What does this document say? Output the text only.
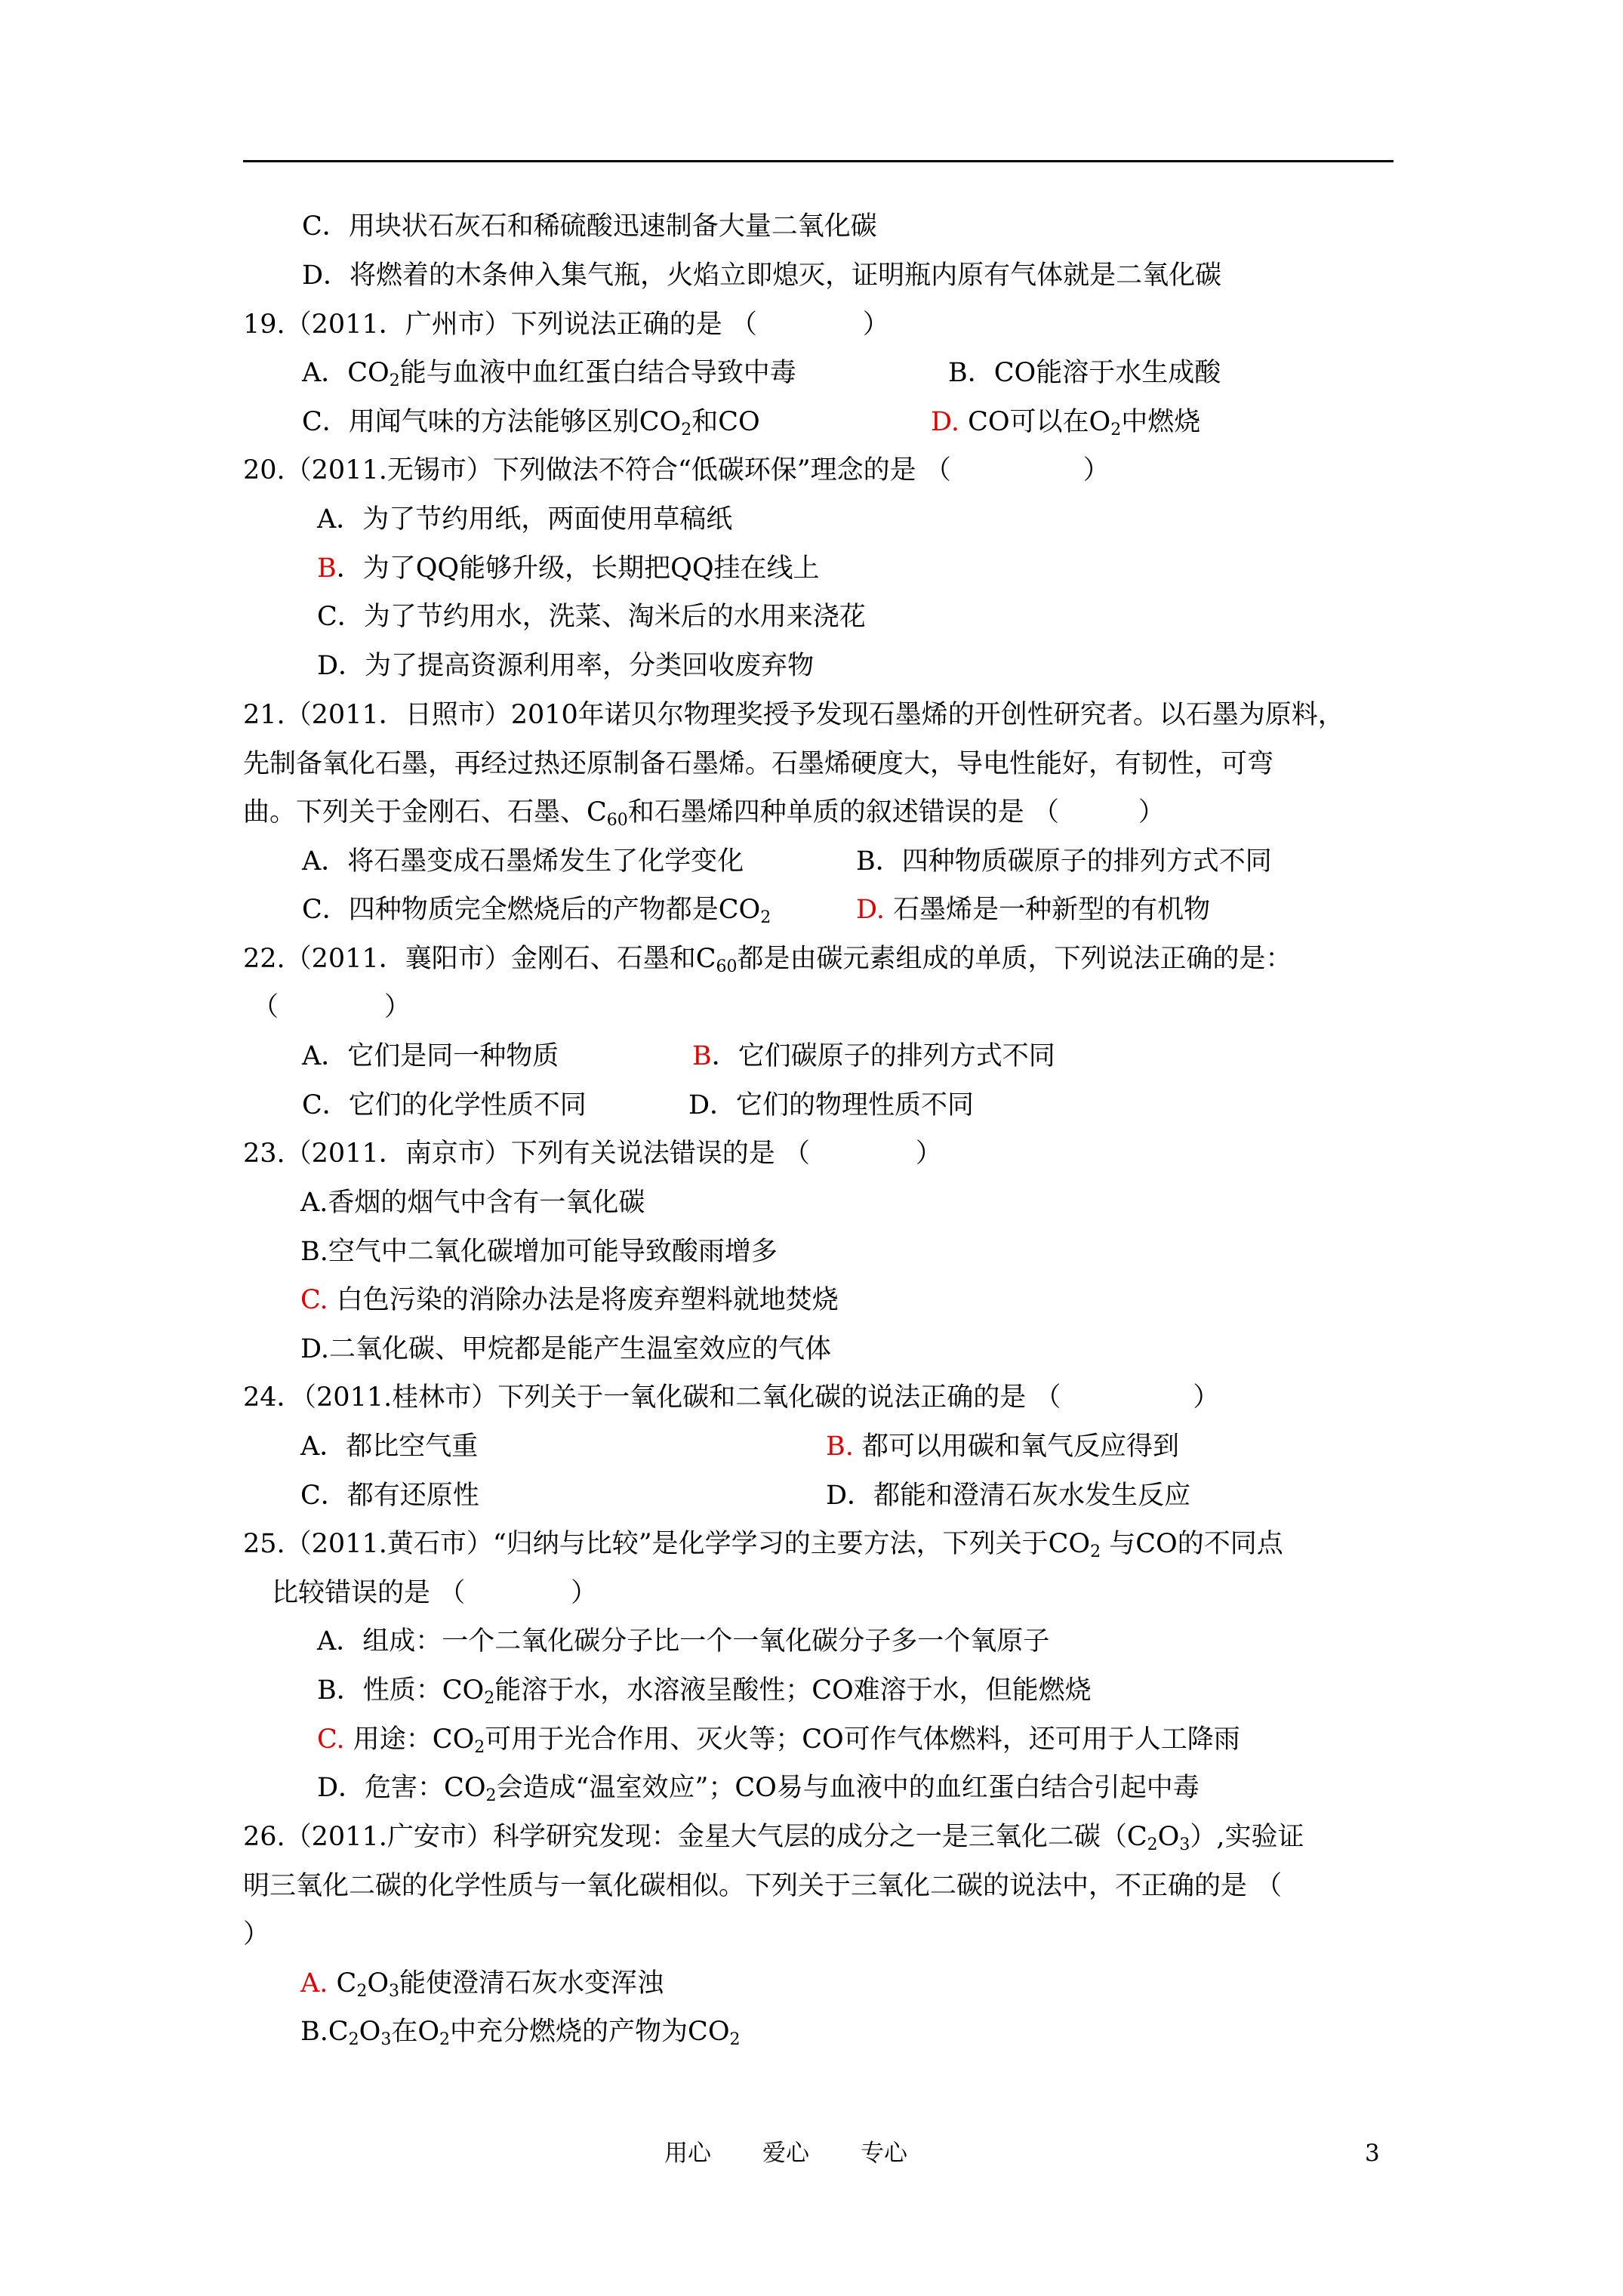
C．用块状石灰石和稀硫酸迅速制备大量二氧化碳
D．将燃着的木条伸入集气瓶，火焰立即熄灭，证明瓶内原有气体就是二氧化碳
19.（2011．广州市）下列说法正确的是 （　　　　）
A．$CO_2$能与血液中血红蛋白结合导致中毒	B．CO能溶于水生成酸
C．用闻气味的方法能够区别$CO_2$和CO	D. CO可以在$O_2$中燃烧
20.（2011.无锡市）下列做法不符合“低碳环保”理念的是 （　　　　　）
A．为了节约用纸，两面使用草稿纸
B．为了QQ能够升级，长期把QQ挂在线上
C．为了节约用水，洗菜、淘米后的水用来浇花
D．为了提高资源利用率，分类回收废弃物
21.（2011．日照市）2010年诺贝尔物理奖授予发现石墨烯的开创性研究者。以石墨为原料，
先制备氧化石墨，再经过热还原制备石墨烯。石墨烯硬度大，导电性能好，有韧性，可弯
曲。下列关于金刚石、石墨、$C_{60}$和石墨烯四种单质的叙述错误的是 （　　　）
A．将石墨变成石墨烯发生了化学变化	B．四种物质碳原子的排列方式不同
C．四种物质完全燃烧后的产物都是$CO_2$	D. 石墨烯是一种新型的有机物
22.（2011．襄阳市）金刚石、石墨和$C_{60}$都是由碳元素组成的单质，下列说法正确的是：
（　　　　）
A．它们是同一种物质	B．它们碳原子的排列方式不同
C．它们的化学性质不同	D．它们的物理性质不同
23.（2011．南京市）下列有关说法错误的是 （　　　　）
A.香烟的烟气中含有一氧化碳
B.空气中二氧化碳增加可能导致酸雨增多
C. 白色污染的消除办法是将废弃塑料就地焚烧
D.二氧化碳、甲烷都是能产生温室效应的气体
24．（2011.桂林市）下列关于一氧化碳和二氧化碳的说法正确的是 （　　　　　）
A．都比空气重	B. 都可以用碳和氧气反应得到
C．都有还原性	D．都能和澄清石灰水发生反应
25.（2011.黄石市）“归纳与比较”是化学学习的主要方法，下列关于$CO_2$ 与CO的不同点
比较错误的是 （　　　　）
A．组成：一个二氧化碳分子比一个一氧化碳分子多一个氧原子
B．性质：$CO_2$能溶于水，水溶液呈酸性；CO难溶于水，但能燃烧
C. 用途：$CO_2$可用于光合作用、灭火等；CO可作气体燃料，还可用于人工降雨
D．危害：$CO_2$会造成“温室效应”；CO易与血液中的血红蛋白结合引起中毒
26.（2011.广安市）科学研究发现：金星大气层的成分之一是三氧化二碳$(C_2O_3)$,实验证
明三氧化二碳的化学性质与一氧化碳相似。下列关于三氧化二碳的说法中，不正确的是 （
）
A. $C_2O_3$能使澄清石灰水变浑浊
$B.C_2O_3$在$O_2$中充分燃烧的产物为$CO_2$
用心 爱心 专心	3
